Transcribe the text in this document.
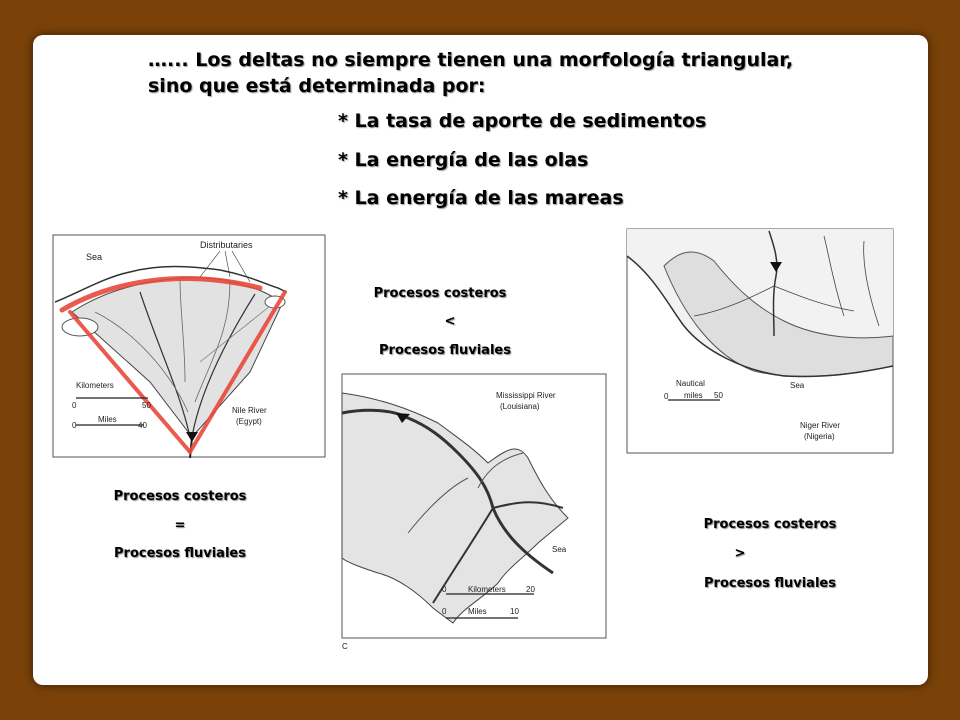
…... Los deltas no siempre tienen una morfología triangular,
sino que está determinada por:
* La tasa de aporte de sedimentos
* La energía de las olas
* La energía de las mareas
Sea
Distributaries
Kilometers
0	50
0
Miles
40
Nile River
(Egypt)
Mississippi River
(Louisiana)
Sea
0	Kilometers	20
0	Miles	10
C
Nautical
0 miles 50
Sea
Niger River
(Nigeria)
Procesos costeros
<
Procesos fluviales
Procesos costeros
=
Procesos fluviales
Procesos costeros
>
Procesos fluviales
